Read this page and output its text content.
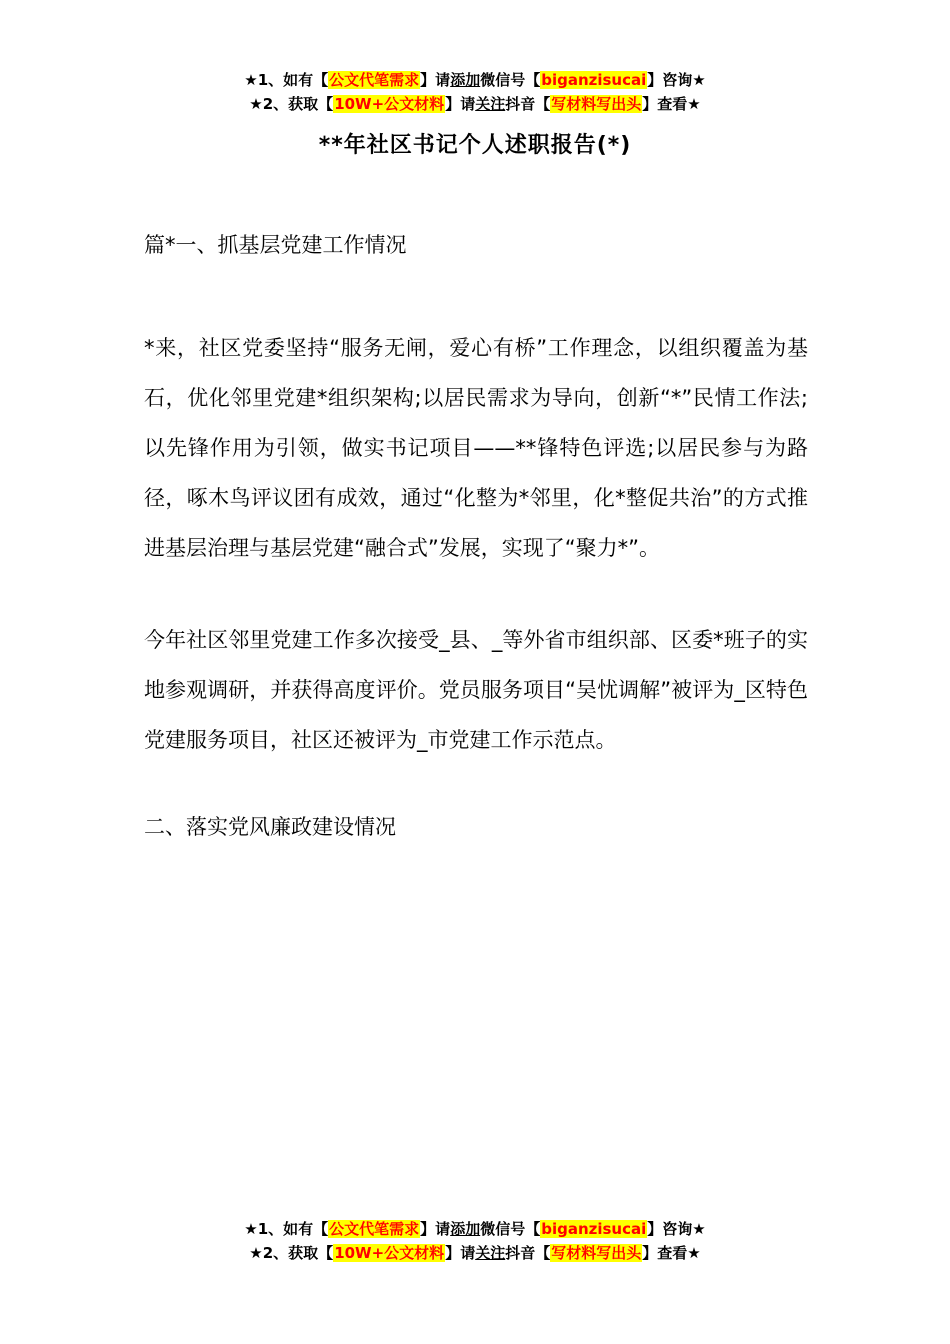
★1、如有【公文代笔需求】请添加微信号【biganzisucai】咨询★
★2、获取【10W+公文材料】请关注抖音【写材料写出头】查看★
**年社区书记个人述职报告(*)

篇*一、抓基层党建工作情况

*来，社区党委坚持“服务无闸，爱心有桥”工作理念，以组织覆盖为基石，优化邻里党建*组织架构;以居民需求为导向，创新“*”民情工作法;以先锋作用为引领，做实书记项目——**锋特色评选;以居民参与为路径，啄木鸟评议团有成效，通过“化整为*邻里，化*整促共治”的方式推进基层治理与基层党建“融合式”发展，实现了“聚力*”。

今年社区邻里党建工作多次接受_县、_等外省市组织部、区委*班子的实地参观调研，并获得高度评价。党员服务项目“吴忧调解”被评为_区特色党建服务项目，社区还被评为_市党建工作示范点。

二、落实党风廉政建设情况

★1、如有【公文代笔需求】请添加微信号【biganzisucai】咨询★
★2、获取【10W+公文材料】请关注抖音【写材料写出头】查看★
